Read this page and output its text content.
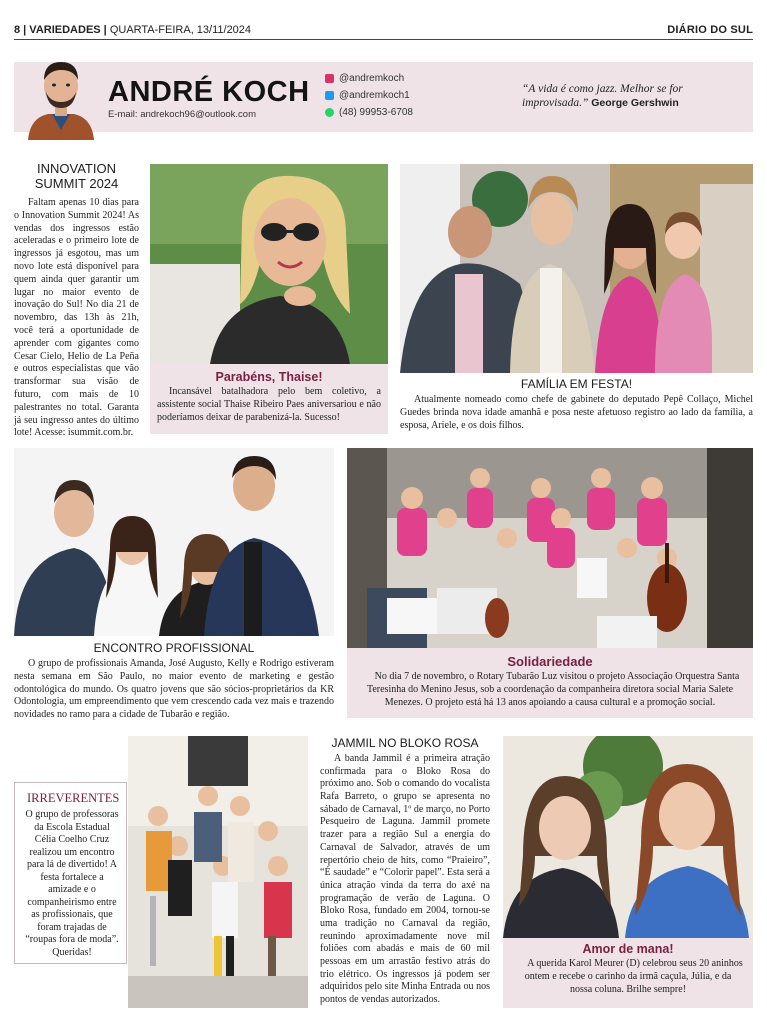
8 | VARIEDADES | QUARTA-FEIRA, 13/11/2024	DIÁRIO DO SUL
ANDRÉ KOCH
E-mail: andrekoch96@outlook.com
@andremkoch
@andremkoch1
(48) 99953-6708
“A vida é como jazz. Melhor se for improvisada.” George Gershwin
INNOVATION
SUMMIT 2024
Faltam apenas 10 dias para o Innovation Summit 2024! As vendas dos ingressos estão aceleradas e o primeiro lote de ingressos já esgotou, mas um novo lote está disponível para quem ainda quer garantir um lugar no maior evento de inovação do Sul! No dia 21 de novembro, das 13h às 21h, você terá a oportunidade de aprender com gigantes como Cesar Cielo, Helio de La Peña e outros especialistas que vão transformar sua visão de futuro, com mais de 10 palestrantes no total. Garanta já seu ingresso antes do último lote! Acesse: isummit.com.br.
Parabéns, Thaise!
Incansável batalhadora pelo bem coletivo, a assistente social Thaise Ribeiro Paes aniversariou e não poderíamos deixar de parabenizá-la. Sucesso!
FAMÍLIA EM FESTA!
Atualmente nomeado como chefe de gabinete do deputado Pepê Collaço, Michel Guedes brinda nova idade amanhã e posa neste afetuoso registro ao lado da família, a esposa, Ariele, e os dois filhos.
ENCONTRO PROFISSIONAL
O grupo de profissionais Amanda, José Augusto, Kelly e Rodrigo estiveram nesta semana em São Paulo, no maior evento de marketing e gestão odontológica do mundo. Os quatro jovens que são sócios-proprietários da KR Odontologia, um empreendimento que vem crescendo cada vez mais e trazendo novidades no ramo para a cidade de Tubarão e região.
Solidariedade
No dia 7 de novembro, o Rotary Tubarão Luz visitou o projeto Associação Orquestra Santa Teresinha do Menino Jesus, sob a coordenação da companheira diretora social Maria Salete Menezes. O projeto está há 13 anos apoiando a causa cultural e a promoção social.
IRREVERENTES
O grupo de professoras da Escola Estadual Célia Coelho Cruz realizou um encontro para lá de divertido! A festa fortalece a amizade e o companheirismo entre as profissionais, que foram trajadas de “roupas fora de moda”. Queridas!
JAMMIL NO BLOKO ROSA
A banda Jammil é a primeira atração confirmada para o Bloko Rosa do próximo ano. Sob o comando do vocalista Rafa Barreto, o grupo se apresenta no sábado de Carnaval, 1º de março, no Porto Pesqueiro de Laguna. Jammil promete trazer para a região Sul a energia do Carnaval de Salvador, através de um repertório cheio de hits, como “Praieiro”, “É saudade” e “Colorir papel”. Esta será a única atração vinda da terra do axé na programação de verão de Laguna. O Bloko Rosa, fundado em 2004, tornou-se uma tradição no Carnaval da região, reunindo aproximadamente nove mil foliões com abadás e mais de 60 mil pessoas em um arrastão festivo atrás do trio elétrico. Os ingressos já podem ser adquiridos pelo site Minha Entrada ou nos pontos de vendas autorizados.
Amor de mana!
A querida Karol Meurer (D) celebrou seus 20 aninhos ontem e recebe o carinho da irmã caçula, Júlia, e da nossa coluna. Brilhe sempre!
